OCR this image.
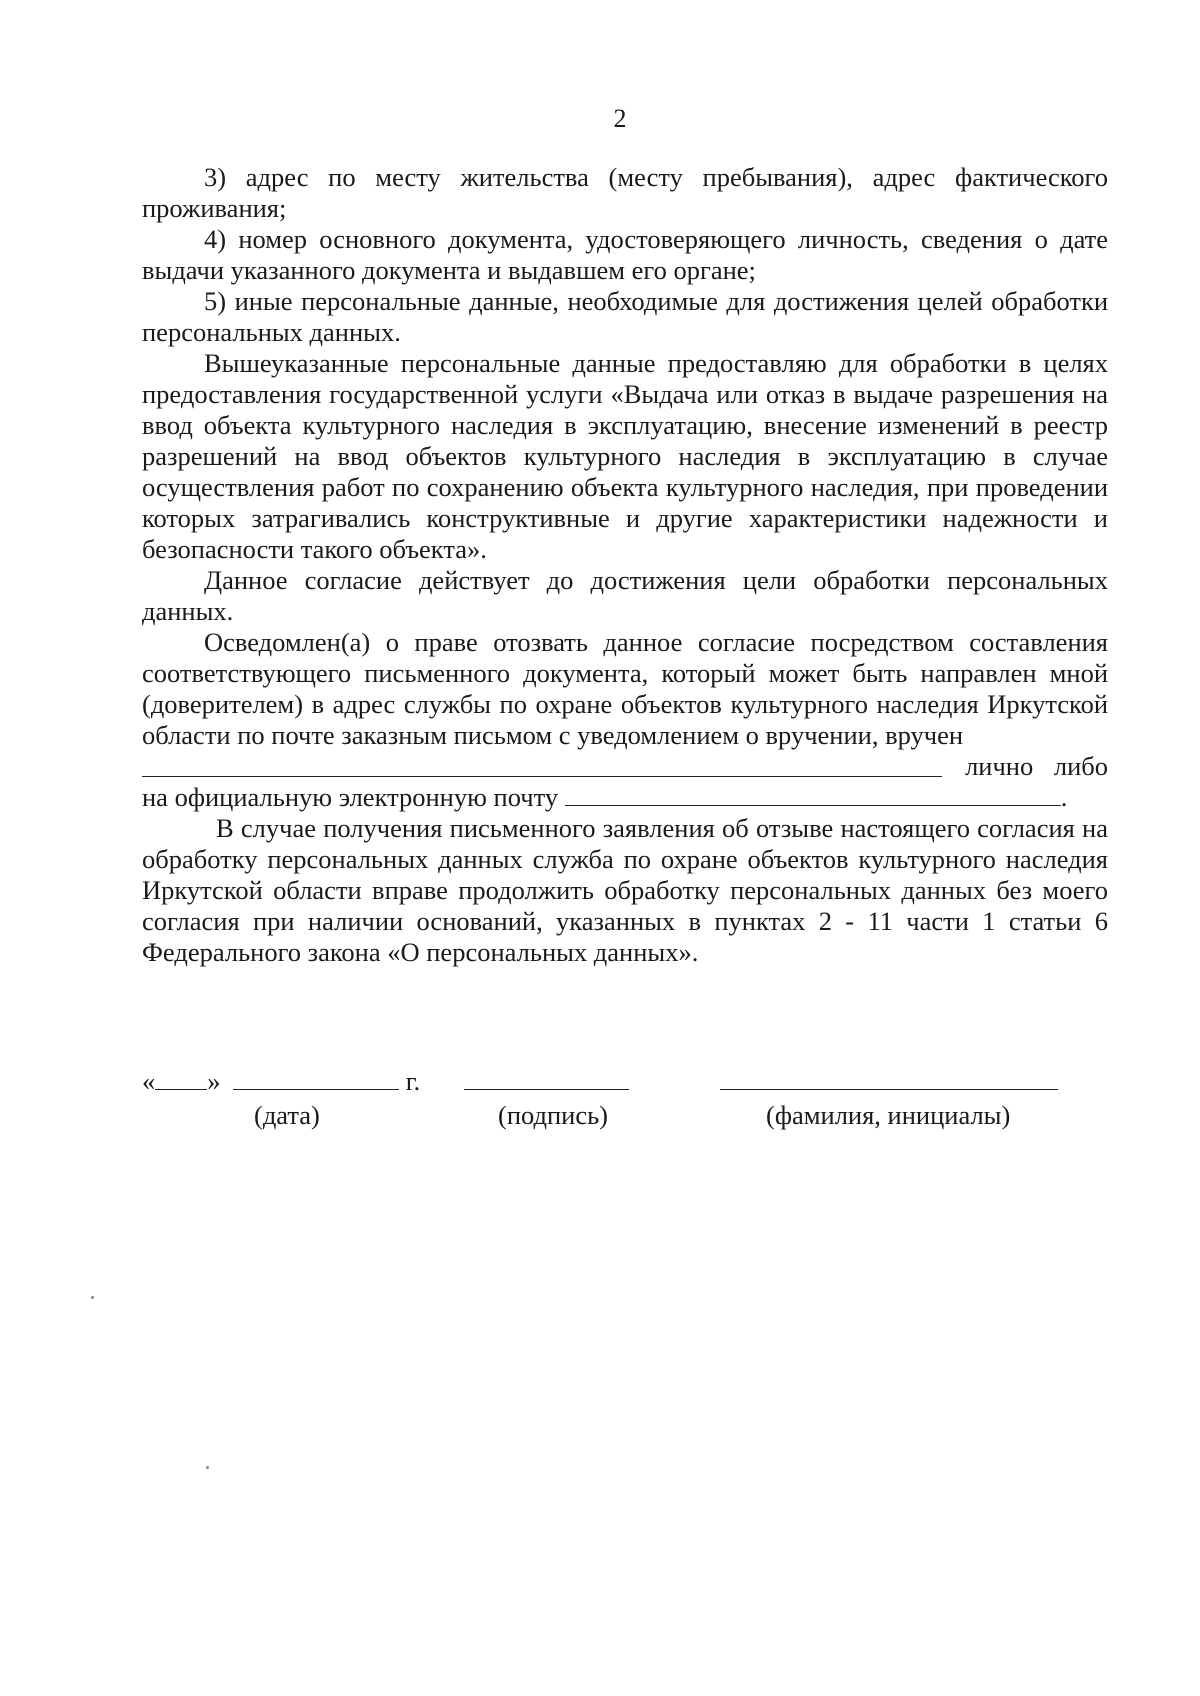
2

3) адрес по месту жительства (месту пребывания), адрес фактического проживания;

4) номер основного документа, удостоверяющего личность, сведения о дате выдачи указанного документа и выдавшем его органе;

5) иные персональные данные, необходимые для достижения целей обработки персональных данных.

Вышеуказанные персональные данные предоставляю для обработки в целях предоставления государственной услуги «Выдача или отказ в выдаче разрешения на ввод объекта культурного наследия в эксплуатацию, внесение изменений в реестр разрешений на ввод объектов культурного наследия в эксплуатацию в случае осуществления работ по сохранению объекта культурного наследия, при проведении которых затрагивались конструктивные и другие характеристики надежности и безопасности такого объекта».

Данное согласие действует до достижения цели обработки персональных данных.

Осведомлен(а) о праве отозвать данное согласие посредством составления соответствующего письменного документа, который может быть направлен мной (доверителем) в адрес службы по охране объектов культурного наследия Иркутской области по почте заказным письмом с уведомлением о вручении, вручен

лично либо
на официальную электронную почту	.

В случае получения письменного заявления об отзыве настоящего согласия на обработку персональных данных служба по охране объектов культурного наследия Иркутской области вправе продолжить обработку персональных данных без моего согласия при наличии оснований, указанных в пунктах 2 - 11 части 1 статьи 6 Федерального закона «О персональных данных».

« »	г.
(дата)	(подпись)	(фамилия, инициалы)
